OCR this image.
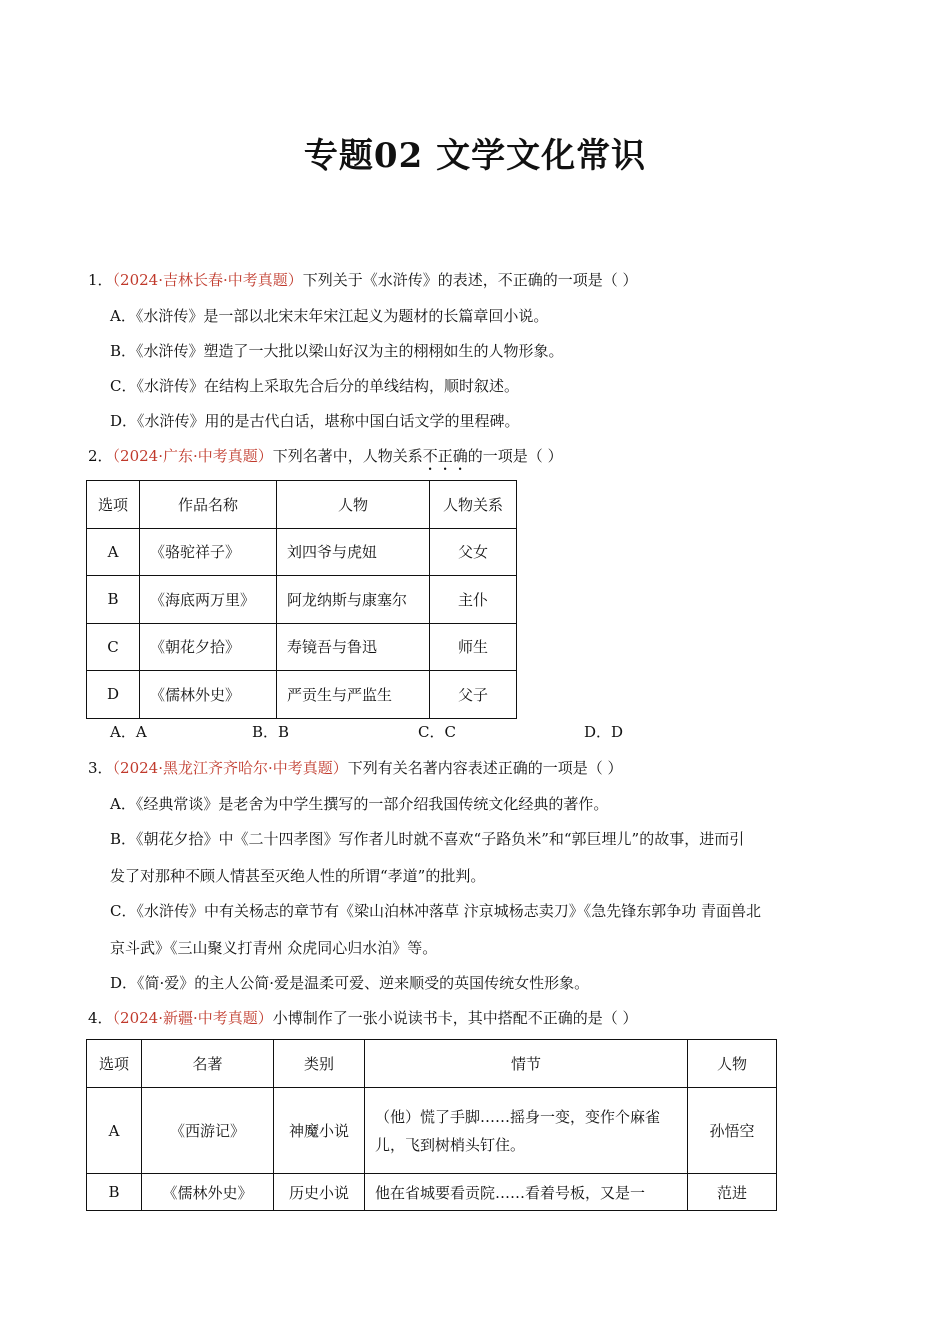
专题02 文学文化常识
1．（2024·吉林长春·中考真题）下列关于《水浒传》的表述，不正确的一项是（ ）
A．《水浒传》是一部以北宋末年宋江起义为题材的长篇章回小说。
B．《水浒传》塑造了一大批以梁山好汉为主的栩栩如生的人物形象。
C．《水浒传》在结构上采取先合后分的单线结构，顺时叙述。
D．《水浒传》用的是古代白话，堪称中国白话文学的里程碑。
2．（2024·广东·中考真题）下列名著中，人物关系不正确的一项是（ ）
选项	作品名称	人物	人物关系
A	《骆驼祥子》	刘四爷与虎妞	父女
B	《海底两万里》	阿龙纳斯与康塞尔	主仆
C	《朝花夕拾》	寿镜吾与鲁迅	师生
D	《儒林外史》	严贡生与严监生	父子
A．A	B．B	C．C	D．D
3．（2024·黑龙江齐齐哈尔·中考真题）下列有关名著内容表述正确的一项是（ ）
A．《经典常谈》是老舍为中学生撰写的一部介绍我国传统文化经典的著作。
B．《朝花夕拾》中《二十四孝图》写作者儿时就不喜欢“子路负米”和“郭巨埋儿”的故事，进而引
发了对那种不顾人情甚至灭绝人性的所谓“孝道”的批判。
C．《水浒传》中有关杨志的章节有《梁山泊林冲落草 汴京城杨志卖刀》《急先锋东郭争功 青面兽北
京斗武》《三山聚义打青州 众虎同心归水泊》等。
D．《简·爱》的主人公简·爱是温柔可爱、逆来顺受的英国传统女性形象。
4．（2024·新疆·中考真题）小博制作了一张小说读书卡，其中搭配不正确的是（ ）
选项	名著	类别	情节	人物
A	《西游记》	神魔小说	（他）慌了手脚……摇身一变，变作个麻雀儿，飞到树梢头钉住。	孙悟空
B	《儒林外史》	历史小说	他在省城要看贡院……看着号板，又是一	范进
